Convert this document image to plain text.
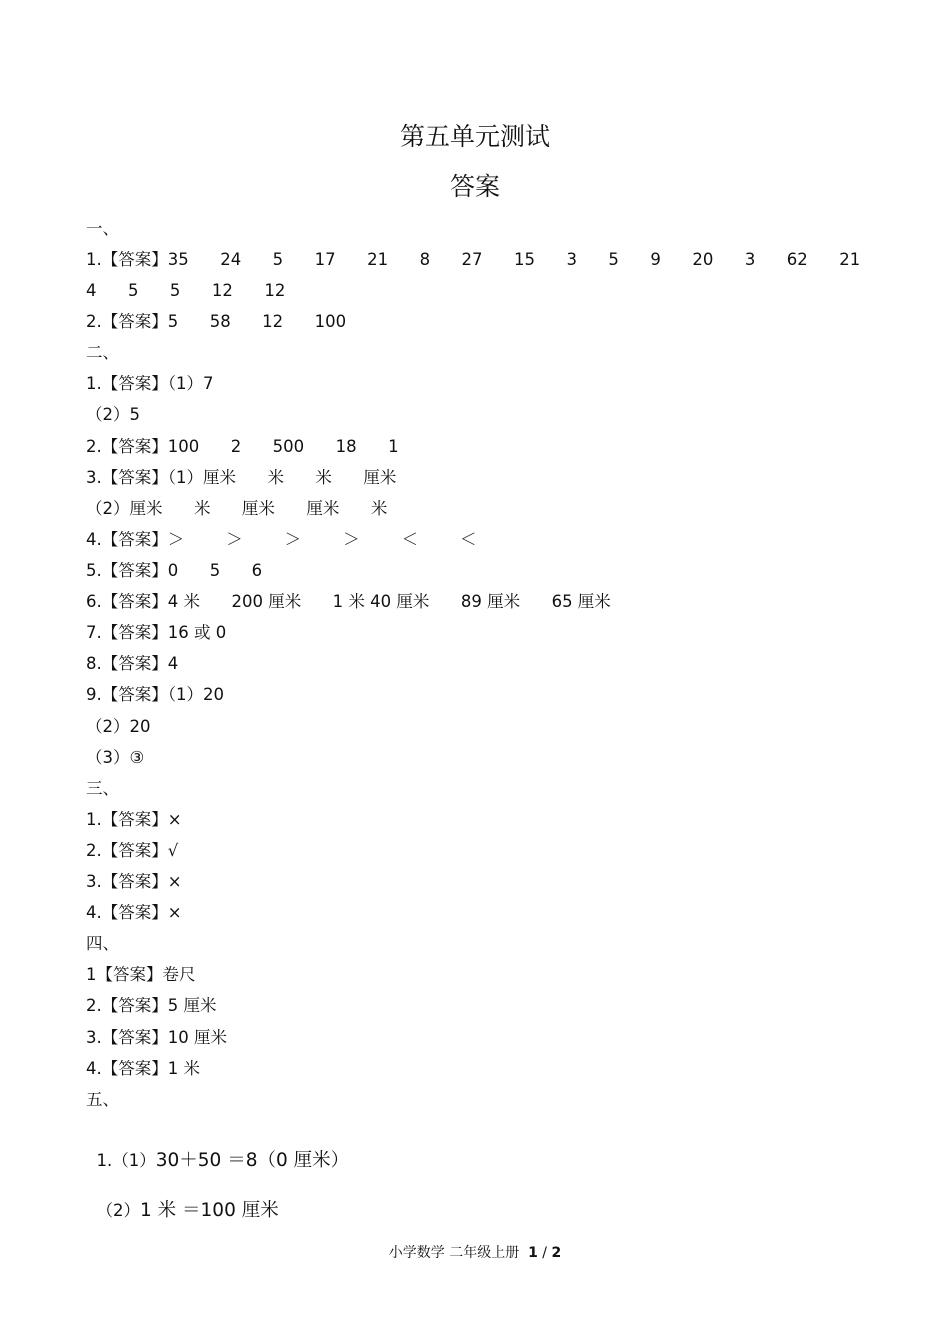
第五单元测试
答案
一、
1.【答案】35      24      5      17      21      8      27      15      3      5      9      20      3      62      21
4      5      5      12      12
2.【答案】5      58      12      100
二、
1.【答案】（1）7
（2）5
2.【答案】100      2      500      18      1
3.【答案】（1）厘米      米      米      厘米
（2）厘米      米      厘米      厘米      米
4.【答案】＞        ＞        ＞        ＞        ＜        ＜
5.【答案】0      5      6
6.【答案】4 米      200 厘米      1 米 40 厘米      89 厘米      65 厘米
7.【答案】16 或 0
8.【答案】4
9.【答案】（1）20
（2）20
（3）③
三、
1.【答案】×
2.【答案】√
3.【答案】×
4.【答案】×
四、
1【答案】卷尺
2.【答案】5 厘米
3.【答案】10 厘米
4.【答案】1 米
五、

1.（1）30＋50 ＝8（0 厘米）

（2）1 米 ＝100 厘米

小学数学 二年级上册 1 / 2
